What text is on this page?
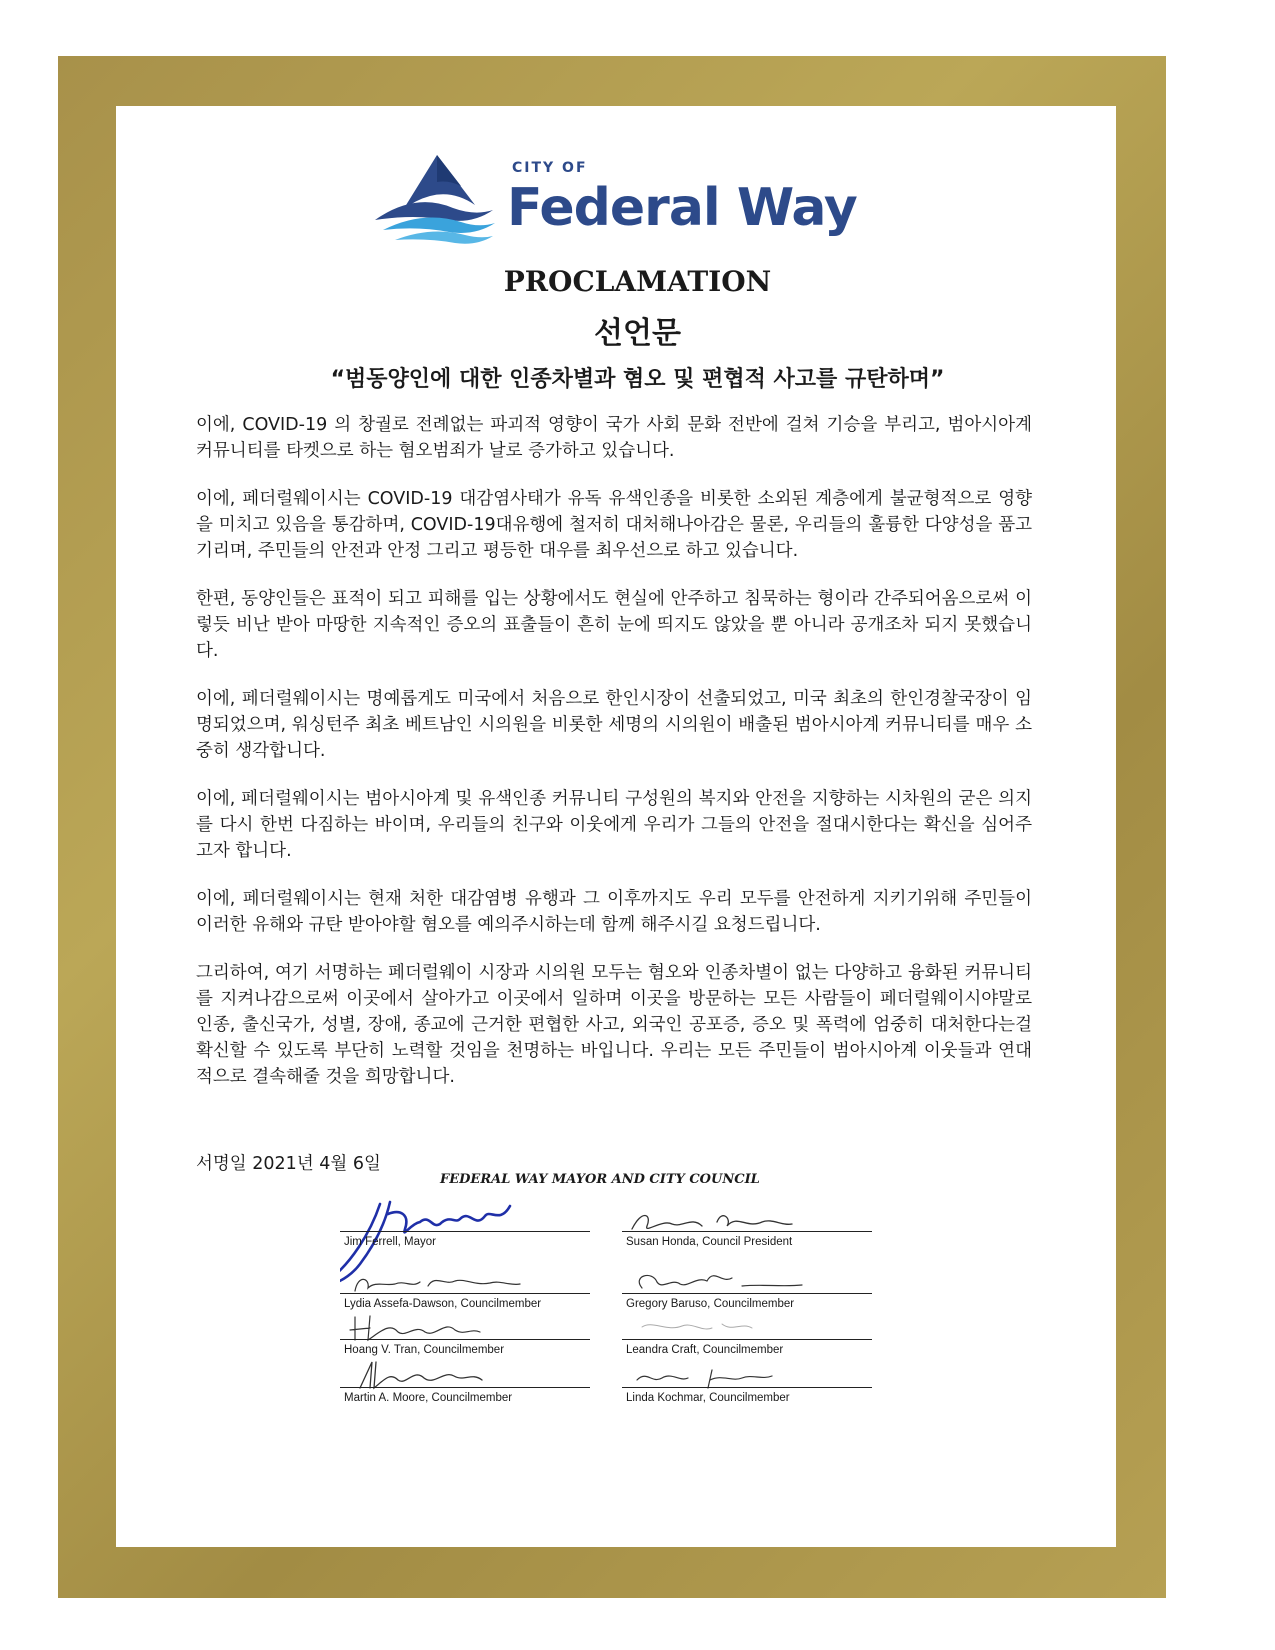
CITY OF
Federal Way
PROCLAMATION
선언문
“범동양인에 대한 인종차별과 혐오 및 편협적 사고를 규탄하며”

이에, COVID-19 의 창궐로 전례없는 파괴적 영향이 국가 사회 문화 전반에 걸쳐 기승을 부리고, 범아시아계 커뮤니티를 타켓으로 하는 혐오범죄가 날로 증가하고 있습니다.

이에, 페더럴웨이시는 COVID-19 대감염사태가 유독 유색인종을 비롯한 소외된 계층에게 불균형적으로 영향을 미치고 있음을 통감하며, COVID-19대유행에 철저히 대처해나아감은 물론, 우리들의 훌륭한 다양성을 품고 기리며, 주민들의 안전과 안정 그리고 평등한 대우를 최우선으로 하고 있습니다.

한편, 동양인들은 표적이 되고 피해를 입는 상황에서도 현실에 안주하고 침묵하는 형이라 간주되어옴으로써 이렇듯 비난 받아 마땅한 지속적인 증오의 표출들이 흔히 눈에 띄지도 않았을 뿐 아니라 공개조차 되지 못했습니다.

이에, 페더럴웨이시는 명예롭게도 미국에서 처음으로 한인시장이 선출되었고, 미국 최초의 한인경찰국장이 임명되었으며, 워싱턴주 최초 베트남인 시의원을 비롯한 세명의 시의원이 배출된 범아시아계 커뮤니티를 매우 소중히 생각합니다.

이에, 페더럴웨이시는 범아시아계 및 유색인종 커뮤니티 구성원의 복지와 안전을 지향하는 시차원의 굳은 의지를 다시 한번 다짐하는 바이며, 우리들의 친구와 이웃에게 우리가 그들의 안전을 절대시한다는 확신을 심어주고자 합니다.

이에, 페더럴웨이시는 현재 처한 대감염병 유행과 그 이후까지도 우리 모두를 안전하게 지키기위해 주민들이 이러한 유해와 규탄 받아야할 혐오를 예의주시하는데 함께 해주시길 요청드립니다.

그리하여, 여기 서명하는 페더럴웨이 시장과 시의원 모두는 혐오와 인종차별이 없는 다양하고 융화된 커뮤니티를 지켜나감으로써 이곳에서 살아가고 이곳에서 일하며 이곳을 방문하는 모든 사람들이 페더럴웨이시야말로 인종, 출신국가, 성별, 장애, 종교에 근거한 편협한 사고, 외국인 공포증, 증오 및 폭력에 엄중히 대처한다는걸 확신할 수 있도록 부단히 노력할 것임을 천명하는 바입니다. 우리는 모든 주민들이 범아시아계 이웃들과 연대적으로 결속해줄 것을 희망합니다.

서명일 2021년 4월 6일
FEDERAL WAY MAYOR AND CITY COUNCIL
Jim Ferrell, Mayor	Susan Honda, Council President
Lydia Assefa-Dawson, Councilmember	Gregory Baruso, Councilmember
Hoang V. Tran, Councilmember	Leandra Craft, Councilmember
Martin A. Moore, Councilmember	Linda Kochmar, Councilmember
